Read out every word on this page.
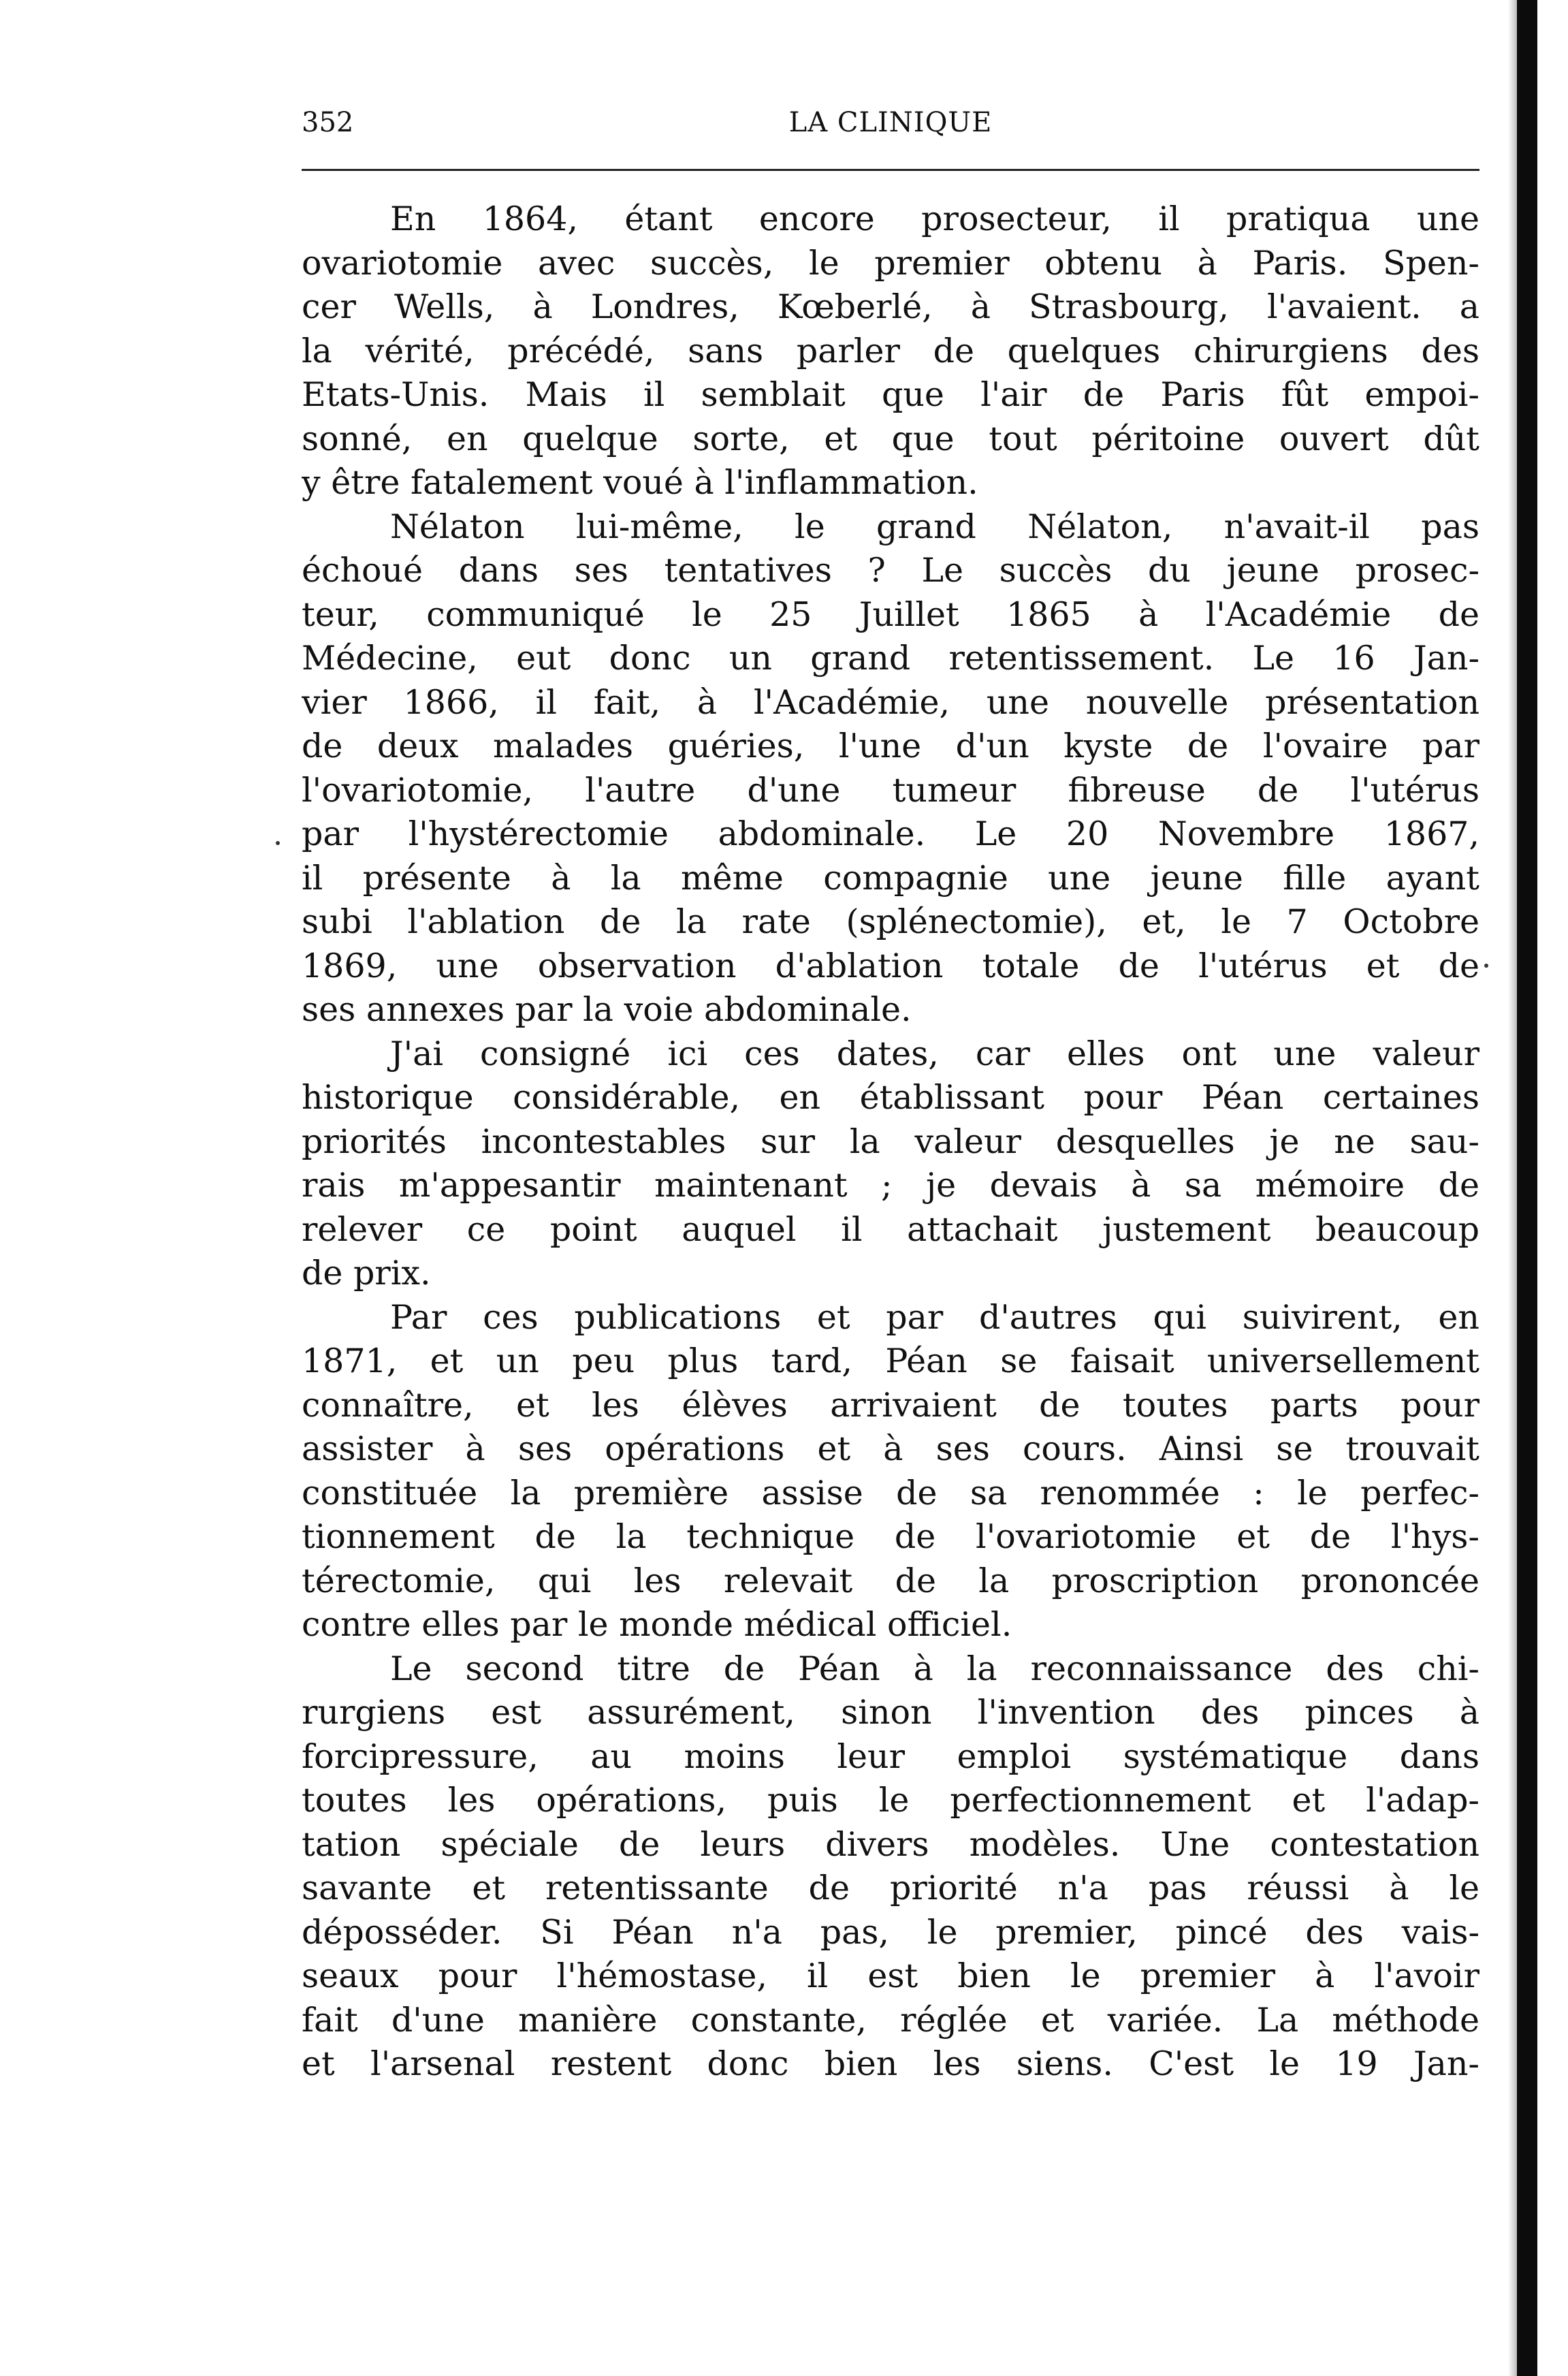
352	LA CLINIQUE
En 1864, étant encore prosecteur, il pratiqua une
ovariotomie avec succès, le premier obtenu à Paris. Spen-
cer Wells, à Londres, Kœberlé, à Strasbourg, l'avaient. a
la vérité, précédé, sans parler de quelques chirurgiens des
Etats-Unis. Mais il semblait que l'air de Paris fût empoi-
sonné, en quelque sorte, et que tout péritoine ouvert dût
y être fatalement voué à l'inflammation.
Nélaton lui-même, le grand Nélaton, n'avait-il pas
échoué dans ses tentatives ? Le succès du jeune prosec-
teur, communiqué le 25 Juillet 1865 à l'Académie de
Médecine, eut donc un grand retentissement. Le 16 Jan-
vier 1866, il fait, à l'Académie, une nouvelle présentation
de deux malades guéries, l'une d'un kyste de l'ovaire par
l'ovariotomie, l'autre d'une tumeur fibreuse de l'utérus
par l'hystérectomie abdominale. Le 20 Novembre 1867,
il présente à la même compagnie une jeune fille ayant
subi l'ablation de la rate (splénectomie), et, le 7 Octobre
1869, une observation d'ablation totale de l'utérus et de
ses annexes par la voie abdominale.
J'ai consigné ici ces dates, car elles ont une valeur
historique considérable, en établissant pour Péan certaines
priorités incontestables sur la valeur desquelles je ne sau-
rais m'appesantir maintenant ; je devais à sa mémoire de
relever ce point auquel il attachait justement beaucoup
de prix.
Par ces publications et par d'autres qui suivirent, en
1871, et un peu plus tard, Péan se faisait universellement
connaître, et les élèves arrivaient de toutes parts pour
assister à ses opérations et à ses cours. Ainsi se trouvait
constituée la première assise de sa renommée : le perfec-
tionnement de la technique de l'ovariotomie et de l'hys-
térectomie, qui les relevait de la proscription prononcée
contre elles par le monde médical officiel.
Le second titre de Péan à la reconnaissance des chi-
rurgiens est assurément, sinon l'invention des pinces à
forcipressure, au moins leur emploi systématique dans
toutes les opérations, puis le perfectionnement et l'adap-
tation spéciale de leurs divers modèles. Une contestation
savante et retentissante de priorité n'a pas réussi à le
déposséder. Si Péan n'a pas, le premier, pincé des vais-
seaux pour l'hémostase, il est bien le premier à l'avoir
fait d'une manière constante, réglée et variée. La méthode
et l'arsenal restent donc bien les siens. C'est le 19 Jan-
